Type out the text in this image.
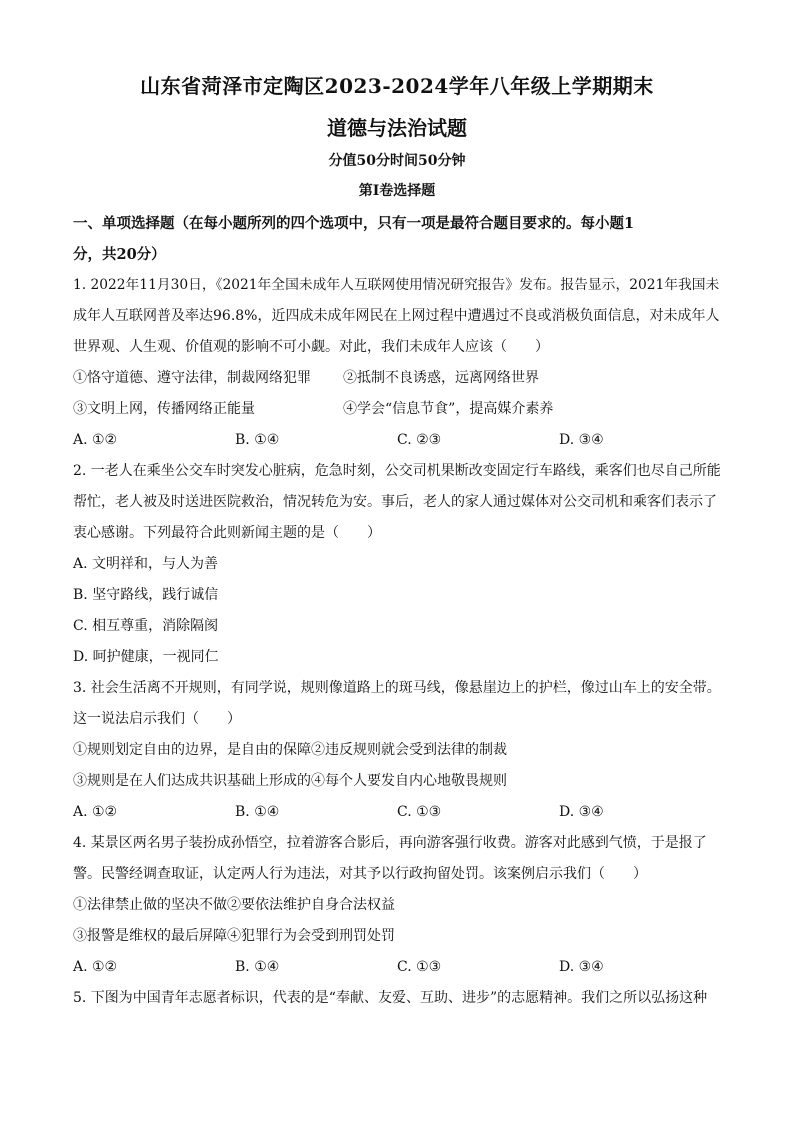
山东省菏泽市定陶区2023-2024学年八年级上学期期末
道德与法治试题
分值50分时间50分钟
第I卷选择题
一、单项选择题（在每小题所列的四个选项中，只有一项是最符合题目要求的。每小题1
分，共20分）
1. 2022年11月30日，《2021年全国未成年人互联网使用情况研究报告》发布。报告显示，2021年我国未
成年人互联网普及率达96.8%，近四成未成年网民在上网过程中遭遇过不良或消极负面信息，对未成年人
世界观、人生观、价值观的影响不可小觑。对此，我们未成年人应该（　　）
①恪守道德、遵守法律，制裁网络犯罪 ②抵制不良诱惑，远离网络世界
③文明上网，传播网络正能量	④学会“信息节食”，提高媒介素养
A. ①②	B. ①④	C. ②③	D. ③④
2. 一老人在乘坐公交车时突发心脏病，危急时刻，公交司机果断改变固定行车路线，乘客们也尽自己所能
帮忙，老人被及时送进医院救治，情况转危为安。事后，老人的家人通过媒体对公交司机和乘客们表示了
衷心感谢。下列最符合此则新闻主题的是（　　）
A. 文明祥和，与人为善
B. 坚守路线，践行诚信
C. 相互尊重，消除隔阂
D. 呵护健康，一视同仁
3. 社会生活离不开规则，有同学说，规则像道路上的斑马线，像悬崖边上的护栏，像过山车上的安全带。
这一说法启示我们（　　）
①规则划定自由的边界，是自由的保障②违反规则就会受到法律的制裁
③规则是在人们达成共识基础上形成的④每个人要发自内心地敬畏规则
A. ①②	B. ①④	C. ①③	D. ③④
4. 某景区两名男子装扮成孙悟空，拉着游客合影后，再向游客强行收费。游客对此感到气愤，于是报了
警。民警经调查取证，认定两人行为违法，对其予以行政拘留处罚。该案例启示我们（　　）
①法律禁止做的坚决不做②要依法维护自身合法权益
③报警是维权的最后屏障④犯罪行为会受到刑罚处罚
A. ①②	B. ①④	C. ①③	D. ③④
5. 下图为中国青年志愿者标识，代表的是“奉献、友爱、互助、进步”的志愿精神。我们之所以弘扬这种
